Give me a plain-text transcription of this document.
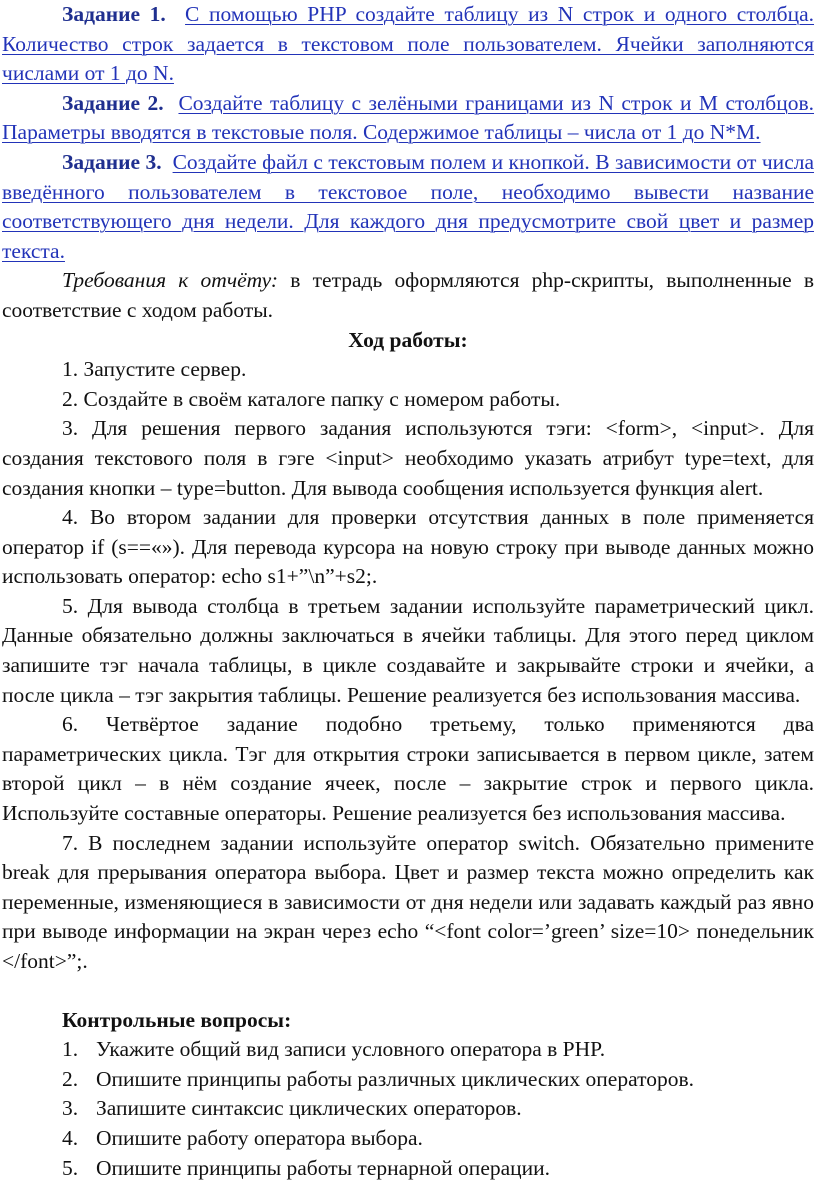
Задание 1. С помощью PHP создайте таблицу из N строк и одного столбца. Количество строк задается в текстовом поле пользователем. Ячейки заполняются числами от 1 до N.

Задание 2. Создайте таблицу с зелёными границами из N строк и M столбцов. Параметры вводятся в текстовые поля. Содержимое таблицы – числа от 1 до N*M.

Задание 3. Создайте файл с текстовым полем и кнопкой. В зависимости от числа введённого пользователем в текстовое поле, необходимо вывести название соответствующего дня недели. Для каждого дня предусмотрите свой цвет и размер текста.

Требования к отчёту: в тетрадь оформляются php-скрипты, выполненные в соответствие с ходом работы.

Ход работы:

1. Запустите сервер.

2. Создайте в своём каталоге папку с номером работы.

3. Для решения первого задания используются тэги: <form>, <input>. Для создания текстового поля в гэге <input> необходимо указать атрибут type=text, для создания кнопки – type=button. Для вывода сообщения используется функция alert.

4. Во втором задании для проверки отсутствия данных в поле применяется оператор if (s==«»). Для перевода курсора на новую строку при выводе данных можно использовать оператор: echo s1+”\n”+s2;.

5. Для вывода столбца в третьем задании используйте параметрический цикл. Данные обязательно должны заключаться в ячейки таблицы. Для этого перед циклом запишите тэг начала таблицы, в цикле создавайте и закрывайте строки и ячейки, а после цикла – тэг закрытия таблицы. Решение реализуется без использования массива.

6. Четвёртое задание подобно третьему, только применяются два параметрических цикла. Тэг для открытия строки записывается в первом цикле, затем второй цикл – в нём создание ячеек, после – закрытие строк и первого цикла. Используйте составные операторы. Решение реализуется без использования массива.

7. В последнем задании используйте оператор switch. Обязательно примените break для прерывания оператора выбора. Цвет и размер текста можно определить как переменные, изменяющиеся в зависимости от дня недели или задавать каждый раз явно при выводе информации на экран через echo “<font color=’green’ size=10> понедельник </font>”;.

Контрольные вопросы:

1. Укажите общий вид записи условного оператора в PHP.
2. Опишите принципы работы различных циклических операторов.
3. Запишите синтаксис циклических операторов.
4. Опишите работу оператора выбора.
5. Опишите принципы работы тернарной операции.
